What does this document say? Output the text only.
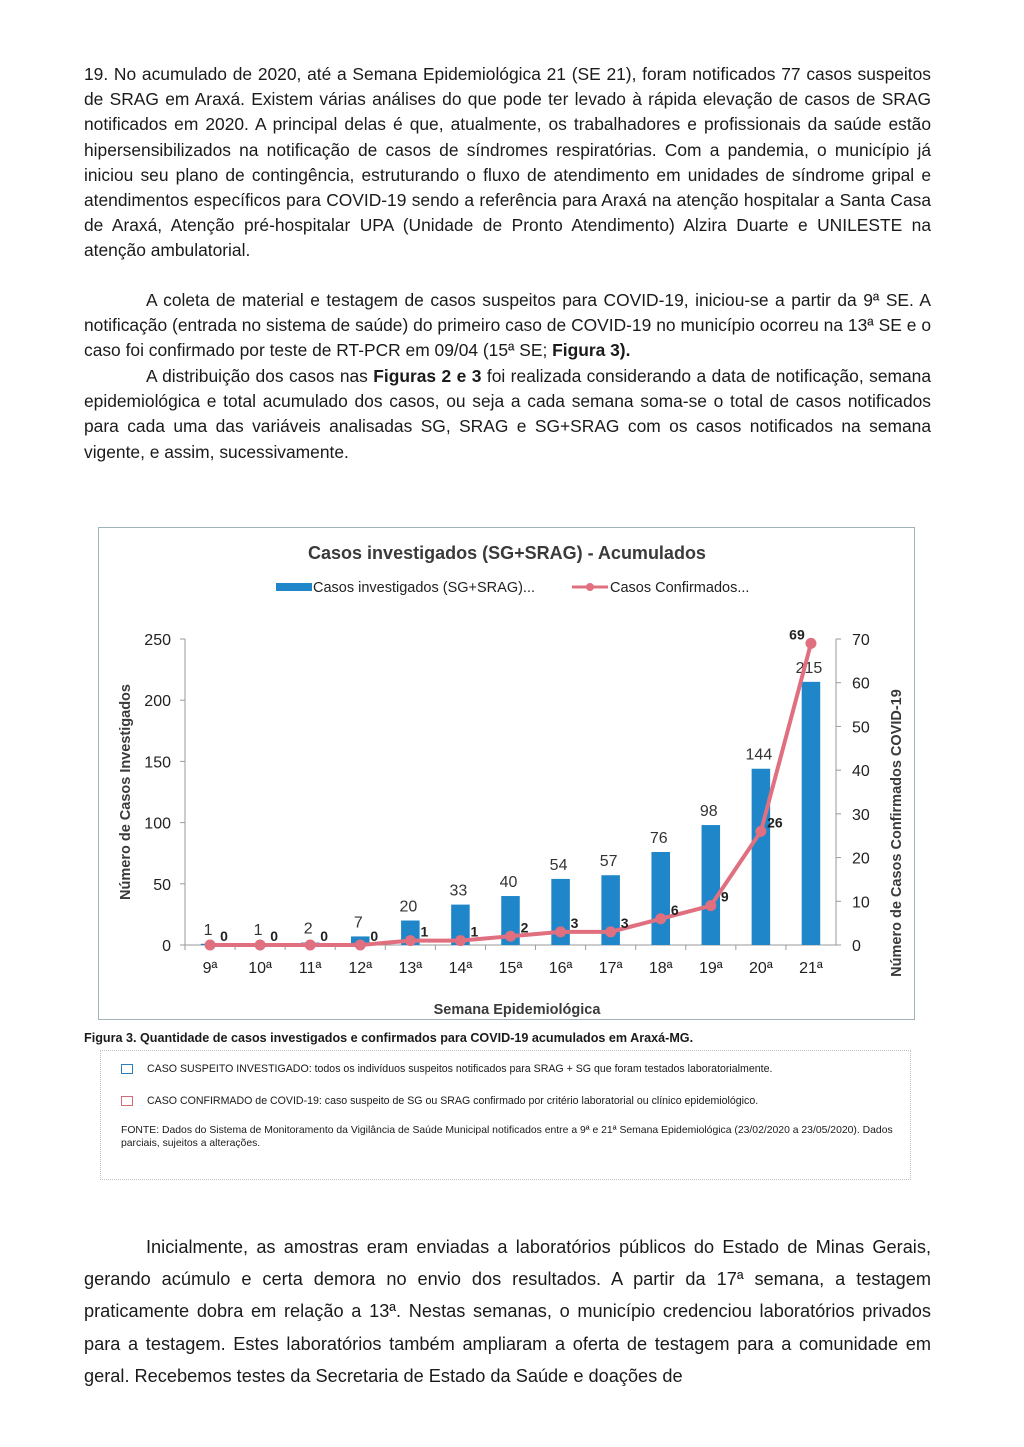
19. No acumulado de 2020, até a Semana Epidemiológica 21 (SE 21), foram notificados 77 casos suspeitos de SRAG em Araxá. Existem várias análises do que pode ter levado à rápida elevação de casos de SRAG notificados em 2020. A principal delas é que, atualmente, os trabalhadores e profissionais da saúde estão hipersensibilizados na notificação de casos de síndromes respiratórias. Com a pandemia, o município já iniciou seu plano de contingência, estruturando o fluxo de atendimento em unidades de síndrome gripal e atendimentos específicos para COVID-19 sendo a referência para Araxá na atenção hospitalar a Santa Casa de Araxá, Atenção pré-hospitalar UPA (Unidade de Pronto Atendimento) Alzira Duarte e UNILESTE na atenção ambulatorial.

A coleta de material e testagem de casos suspeitos para COVID-19, iniciou-se a partir da 9ª SE. A notificação (entrada no sistema de saúde) do primeiro caso de COVID-19 no município ocorreu na 13ª SE e o caso foi confirmado por teste de RT-PCR em 09/04 (15ª SE; Figura 3).

A distribuição dos casos nas Figuras 2 e 3 foi realizada considerando a data de notificação, semana epidemiológica e total acumulado dos casos, ou seja a cada semana soma-se o total de casos notificados para cada uma das variáveis analisadas SG, SRAG e SG+SRAG com os casos notificados na semana vigente, e assim, sucessivamente.

Casos investigados (SG+SRAG) - Acumulados
Casos investigados (SG+SRAG)...	Casos Confirmados...
Número de Casos Investigados	Número de Casos Confirmados COVID-19
Semana Epidemiológica
0
50
100
150
200
250
0
10
20
30
40
50
60
70
9ª
1
10ª
1
11ª
2
12ª
7
13ª
20
14ª
33
15ª
40
16ª
54
17ª
57
18ª
76
19ª
98
20ª
144
21ª
215
0	0	0	0	1	1	2	3	3
6
9
26
69

Figura 3. Quantidade de casos investigados e confirmados para COVID-19 acumulados em Araxá-MG.

CASO SUSPEITO INVESTIGADO: todos os indivíduos suspeitos notificados para SRAG + SG que foram testados laboratorialmente.
CASO CONFIRMADO de COVID-19: caso suspeito de SG ou SRAG confirmado por critério laboratorial ou clínico epidemiológico.

FONTE: Dados do Sistema de Monitoramento da Vigilância de Saúde Municipal notificados entre a 9ª e 21ª Semana Epidemiológica (23/02/2020 a 23/05/2020). Dados parciais, sujeitos a alterações.

Inicialmente, as amostras eram enviadas a laboratórios públicos do Estado de Minas Gerais, gerando acúmulo e certa demora no envio dos resultados. A partir da 17ª semana, a testagem praticamente dobra em relação a 13ª. Nestas semanas, o município credenciou laboratórios privados para a testagem. Estes laboratórios também ampliaram a oferta de testagem para a comunidade em geral. Recebemos testes da Secretaria de Estado da Saúde e doações de
